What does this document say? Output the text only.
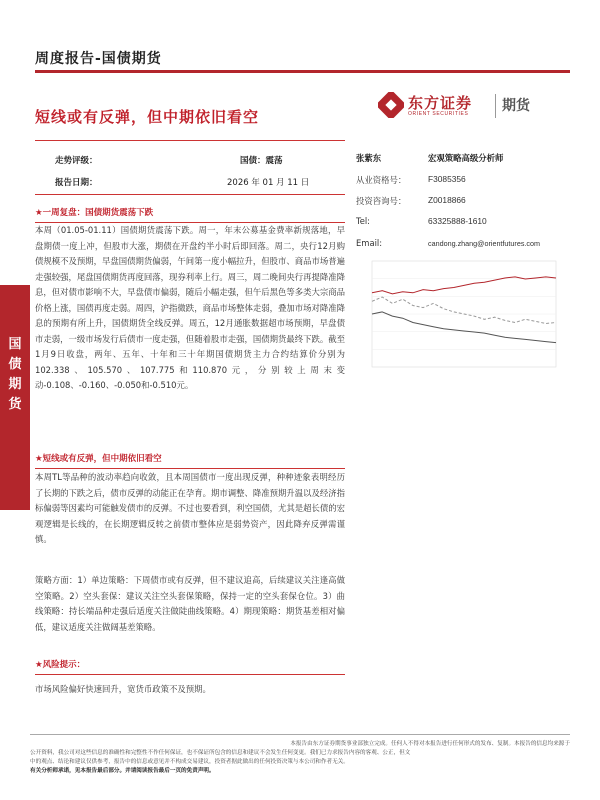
周度报告-国债期货
短线或有反弹，但中期依旧看空
东方证券
ORIENT SECURITIES 期货
国
债
期
货
走势评级：	国债：震荡
报告日期：	2026 年 01 月 11 日
★一周复盘：国债期货震荡下跌
本周（01.05-01.11）国债期货震荡下跌。周一，年末公募基金费率新规落地，早盘期债一度上冲，但股市大涨，期债在开盘约半小时后即回落。周二，央行12月购债规模不及预期，早盘国债期货偏弱，午间第一度小幅拉升，但股市、商品市场普遍走强较强，尾盘国债期货再度回落，现券利率上行。周三，周二晚间央行再提降准降息，但对债市影响不大，早盘债市偏弱，随后小幅走强，但午后黑色等多类大宗商品价格上涨，国债再度走弱。周四，沪指微跌，商品市场整体走弱，叠加市场对降准降息的预期有所上升，国债期货全线反弹。周五，12月通胀数据超市场预期，早盘债市走弱，一级市场发行后债市一度走强，但随着股市走强，国债期货最终下跌。截至1月9日收盘，两年、五年、十年和三十年期国债期货主力合约结算价分别为102.338、105.570、107.775和110.870元，分别较上周末变动-0.108、-0.160、-0.050和-0.510元。
★短线或有反弹，但中期依旧看空
本周TL等品种的波动率趋向收敛，且本周国债市一度出现反弹，种种迹象表明经历了长期的下跌之后，债市反弹的动能正在孕育。期市调整、降准预期升温以及经济指标偏弱等因素均可能触发债市的反弹。不过也要看到，利空国债，尤其是超长债的宏观逻辑是长线的，在长期逻辑反转之前债市整体应是弱势资产，因此降弃反弹需谨慎。
策略方面：1）单边策略：下周债市或有反弹，但不建议追高，后续建议关注逢高做空策略。2）空头套保：建议关注空头套保策略，保持一定的空头套保仓位。3）曲线策略：持长端品种走强后适度关注做陡曲线策略。4）期现策略：期货基差相对偏低，建议适度关注做阔基差策略。
★风险提示：
市场风险偏好快速回升，宽货币政策不及预期。
张紫东	宏观策略高级分析师
从业资格号：	F3085356
投资咨询号：	Z0018866
Tel:	63325888-1610
Email:	candong.zhang@orientfutures.com
本报告由东方证券期货事业部独立完成。任何人不得对本报告进行任何形式的发布、复制。本报告的信息均来源于
公开资料，我公司对这些信息的准确性和完整性不作任何保证，也不保证所包含的信息和建议不会发生任何变更。我们已力求报告内容的客观、公正，但文
中的观点、结论和建议仅供参考，报告中的信息或意见并不构成交易建议，投资者据此做出的任何投资决策与本公司和作者无关。
有关分析师承诺，见本报告最后部分。并请阅读报告最后一页的免责声明。
